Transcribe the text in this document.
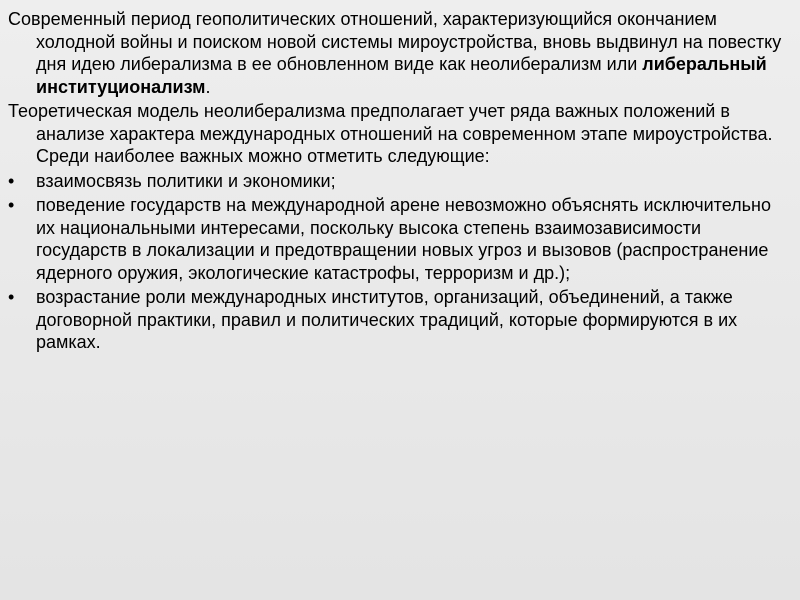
Современный период геополитических отношений, характеризующийся окончанием холодной войны и поиском новой системы мироустройства, вновь выдвинул на повестку дня идею либерализма в ее обновленном виде как неолиберализм или либеральный институционализм.

Теоретическая модель неолиберализма предполагает учет ряда важных положений в анализе характера международных отношений на современном этапе мироустройства. Среди наиболее важных можно отметить следующие:

•	взаимосвязь политики и экономики;
•	поведение государств на международной арене невозможно объяснять исключительно их национальными интересами, поскольку высока степень взаимозависимости государств в локализации и предотвращении новых угроз и вызовов (распространение ядерного оружия, экологические катастрофы, терроризм и др.);
•	возрастание роли международных институтов, организаций, объединений, а также договорной практики, правил и политических традиций, которые формируются в их рамках.
